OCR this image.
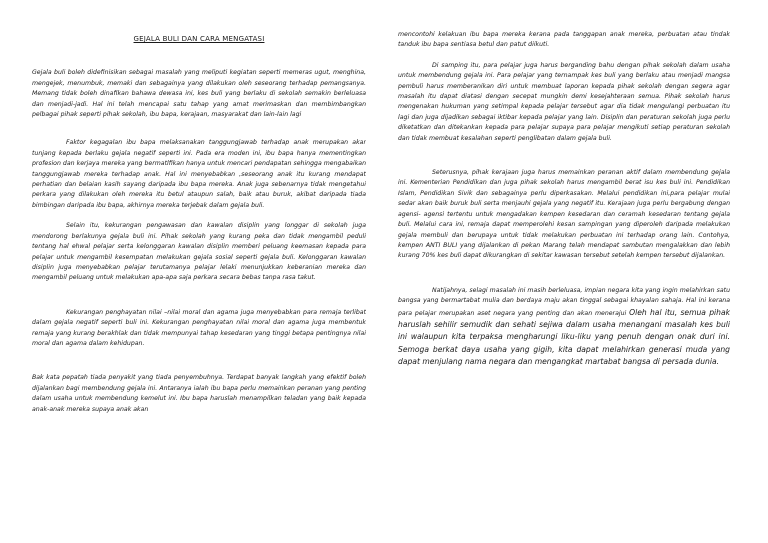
GEJALA BULI DAN CARA MENGATASI

Gejala buli boleh didefinisikan sebagai masalah yang meliputi kegiatan seperti memeras ugut, menghina, mengejek, menumbuk, memaki dan sebagainya yang dilakukan oleh seseorang terhadap pemangsanya. Memang tidak boleh dinafikan bahawa dewasa ini, kes buli yang berlaku di sekolah semakin berleluasa dan menjadi-jadi. Hal ini telah mencapai satu tahap yang amat merimaskan dan membimbangkan pelbagai pihak seperti pihak sekolah, ibu bapa, kerajaan, masyarakat dan lain-lain lagi

Faktor kegagalan ibu bapa melaksanakan tanggungjawab terhadap anak merupakan akar tunjang kepada berlaku gejala negatif seperti ini. Pada era moden ini, ibu bapa hanya mementingkan profesion dan kerjaya mereka yang bermatlfikan hanya untuk mencari pendapatan sehingga mengabaikan tanggungjawab mereka terhadap anak. Hal ini menyebabkan ,seseorang anak itu kurang mendapat perhatian dan belaian kasih sayang daripada ibu bapa mereka. Anak juga sebenarnya tidak mengetahui perkara yang dilakukan oleh mereka itu betul ataupun salah, baik atau buruk, akibat daripada tiada bimbingan daripada ibu bapa, akhirnya mereka terjebak dalam gejala buli.

Selain itu, kekurangan pengawasan dan kawalan disiplin yang longgar di sekolah juga mendorong berlakunya gejala buli ini. Pihak sekolah yang kurang peka dan tidak mengambil peduli tentang hal ehwal pelajar serta kelonggaran kawalan disiplin memberi peluang keemasan kepada para pelajar untuk mengambil kesempatan melakukan gejala sosial seperti gejala buli. Kelonggaran kawalan disiplin juga menyebabkan pelajar terutamanya pelajar lelaki menunjukkan keberanian mereka dan mengambil peluang untuk melakukan apa-apa saja perkara secara bebas tanpa rasa takut.

Kekurangan penghayatan nilai –nilai moral dan agama juga menyebabkan para remaja terlibat dalam gejala negatif seperti buli ini. Kekurangan penghayatan nilai moral dan agama juga membentuk remaja yang kurang berakhlak dan tidak mempunyai tahap kesedaran yang tinggi betapa pentingnya nilai moral dan agama dalam kehidupan.

Bak kata pepatah tiada penyakit yang tiada penyembuhnya. Terdapat banyak langkah yang efektif boleh dijalankan bagi membendung gejala ini. Antaranya ialah ibu bapa perlu memainkan peranan yang penting dalam usaha untuk membendung kemelut ini. Ibu bapa haruslah menampilkan teladan yang baik kepada anak-anak mereka supaya anak akan

mencontohi kelakuan ibu bapa mereka kerana pada tanggapan anak mereka, perbuatan atau tindak tanduk ibu bapa sentiasa betul dan patut diikuti.

Di samping itu, para pelajar juga harus berganding bahu dengan pihak sekolah dalam usaha untuk membendung gejala ini. Para pelajar yang ternampak kes buli yang berlaku atau menjadi mangsa pembuli harus memberanikan diri untuk membuat laporan kepada pihak sekolah dengan segera agar masalah itu dapat diatasi dengan secepat mungkin demi kesejahteraan semua. Pihak sekolah harus mengenakan hukuman yang setimpal kepada pelajar tersebut agar dia tidak mengulangi perbuatan itu lagi dan juga dijadikan sebagai iktibar kepada pelajar yang lain. Disiplin dan peraturan sekolah juga perlu diketatkan dan ditekankan kepada para pelajar supaya para pelajar mengikuti setiap peraturan sekolah dan tidak membuat kesalahan seperti penglibatan dalam gejala buli.

Seterusnya, pihak kerajaan juga harus memainkan peranan aktif dalam membendung gejala ini. Kementerian Pendidikan dan juga pihak sekolah harus mengambil berat isu kes buli ini. Pendidikan Islam, Pendidikan Sivik dan sebagainya perlu diperkasakan. Melalui pendidikan ini,para pelajar mulai sedar akan baik buruk buli serta menjauhi gejala yang negatif itu. Kerajaan juga perlu bergabung dengan agensi- agensi tertentu untuk mengadakan kempen kesedaran dan ceramah kesedaran tentang gejala buli. Melalui cara ini, remaja dapat memperolehi kesan sampingan yang diperoleh daripada melakukan gejala membuli dan berupaya untuk tidak melakukan perbuatan ini terhadap orang lain. Contohya, kempen ANTI BULI yang dijalankan di pekan Marang telah mendapat sambutan mengalakkan dan lebih kurang 70% kes buli dapat dikurangkan di sekitar kawasan tersebut setelah kempen tersebut dijalankan.

Natijahnya, selagi masalah ini masih berleluasa, impian negara kita yang ingin melahirkan satu bangsa yang bermartabat mulia dan berdaya maju akan tinggal sebagai khayalan sahaja. Hal ini kerana para pelajar merupakan aset negara yang penting dan akan menerajui Oleh hal itu, semua pihak haruslah sehilir semudik dan sehati sejiwa dalam usaha menangani masalah kes buli ini walaupun kita terpaksa mengharungi liku-liku yang penuh dengan onak duri ini. Semoga berkat daya usaha yang gigih, kita dapat melahirkan generasi muda yang dapat menjulang nama negara dan mengangkat martabat bangsa di persada dunia.
